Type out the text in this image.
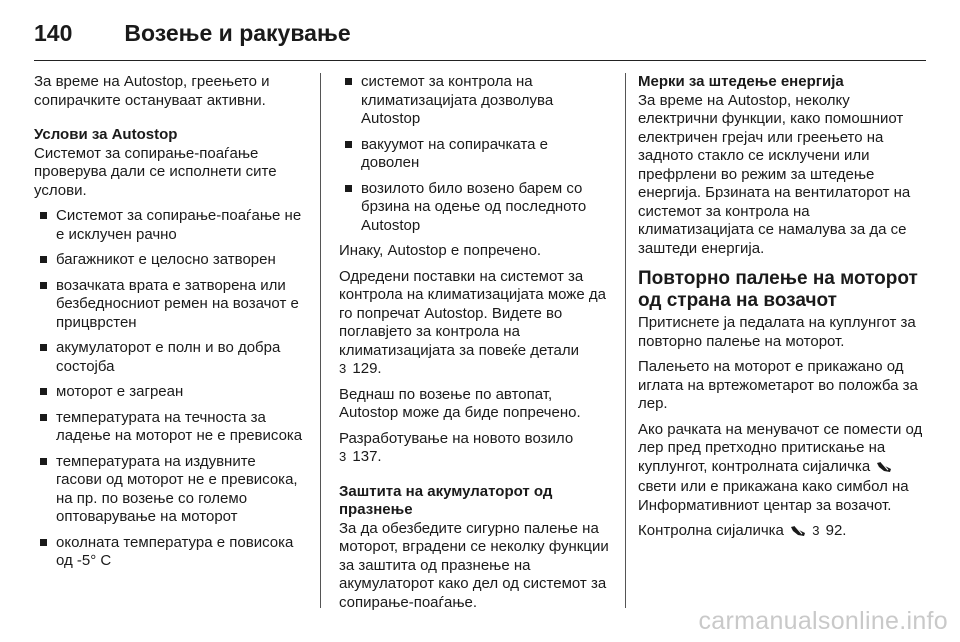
140 Возење и ракување

За време на Autostop, греењето и сопирачките остануваат активни.

Услови за Autostop

Системот за сопирање-поаѓање проверува дали се исполнети сите услови.

Системот за сопирање-поаѓање не е исклучен рачно
багажникот е целосно затворен
возачката врата е затворена или безбедносниот ремен на возачот е прицврстен
акумулаторот е полн и во добра состојба
моторот е загреан
температурата на течноста за ладење на моторот не е превисока
температурата на издувните гасови од моторот не е превисока, на пр. по возење со големо оптоварување на моторот
околната температура е повисока од -5° C
системот за контрола на климатизацијата дозволува Autostop
вакуумот на сопирачката е доволен
возилото било возено барем со брзина на одење од последното Autostop

Инаку, Autostop е попречено.

Одредени поставки на системот за контрола на климатизацијата може да го попречат Autostop. Видете во поглавјето за контрола на климатизацијата за повеќе детали
3 129.

Веднаш по возење по автопат, Autostop може да биде попречено.

Разработување на новото возило
3 137.

Заштита на акумулаторот од празнење

За да обезбедите сигурно палење на моторот, вградени се неколку функции за заштита од празнење на акумулаторот како дел од системот за сопирање-поаѓање.

Мерки за штедење енергија

За време на Autostop, неколку електрични функции, како помошниот електричен грејач или греењето на задното стакло се исклучени или префрлени во режим за штедење енергија. Брзината на вентилаторот на системот за контрола на климатизацијата се намалува за да се заштеди енергија.

Повторно палење на моторот од страна на возачот

Притиснете ја педалата на куплунгот за повторно палење на моторот.

Палењето на моторот е прикажано од иглата на вртежометарот во положба за лер.

Ако рачката на менувачот се помести од лер пред претходно притискање на куплунгот, контролната сијаличка  свети или е прикажана како симбол на Информативниот центар за возачот.

Контролна сијаличка 3 92.

carmanualsonline.info
